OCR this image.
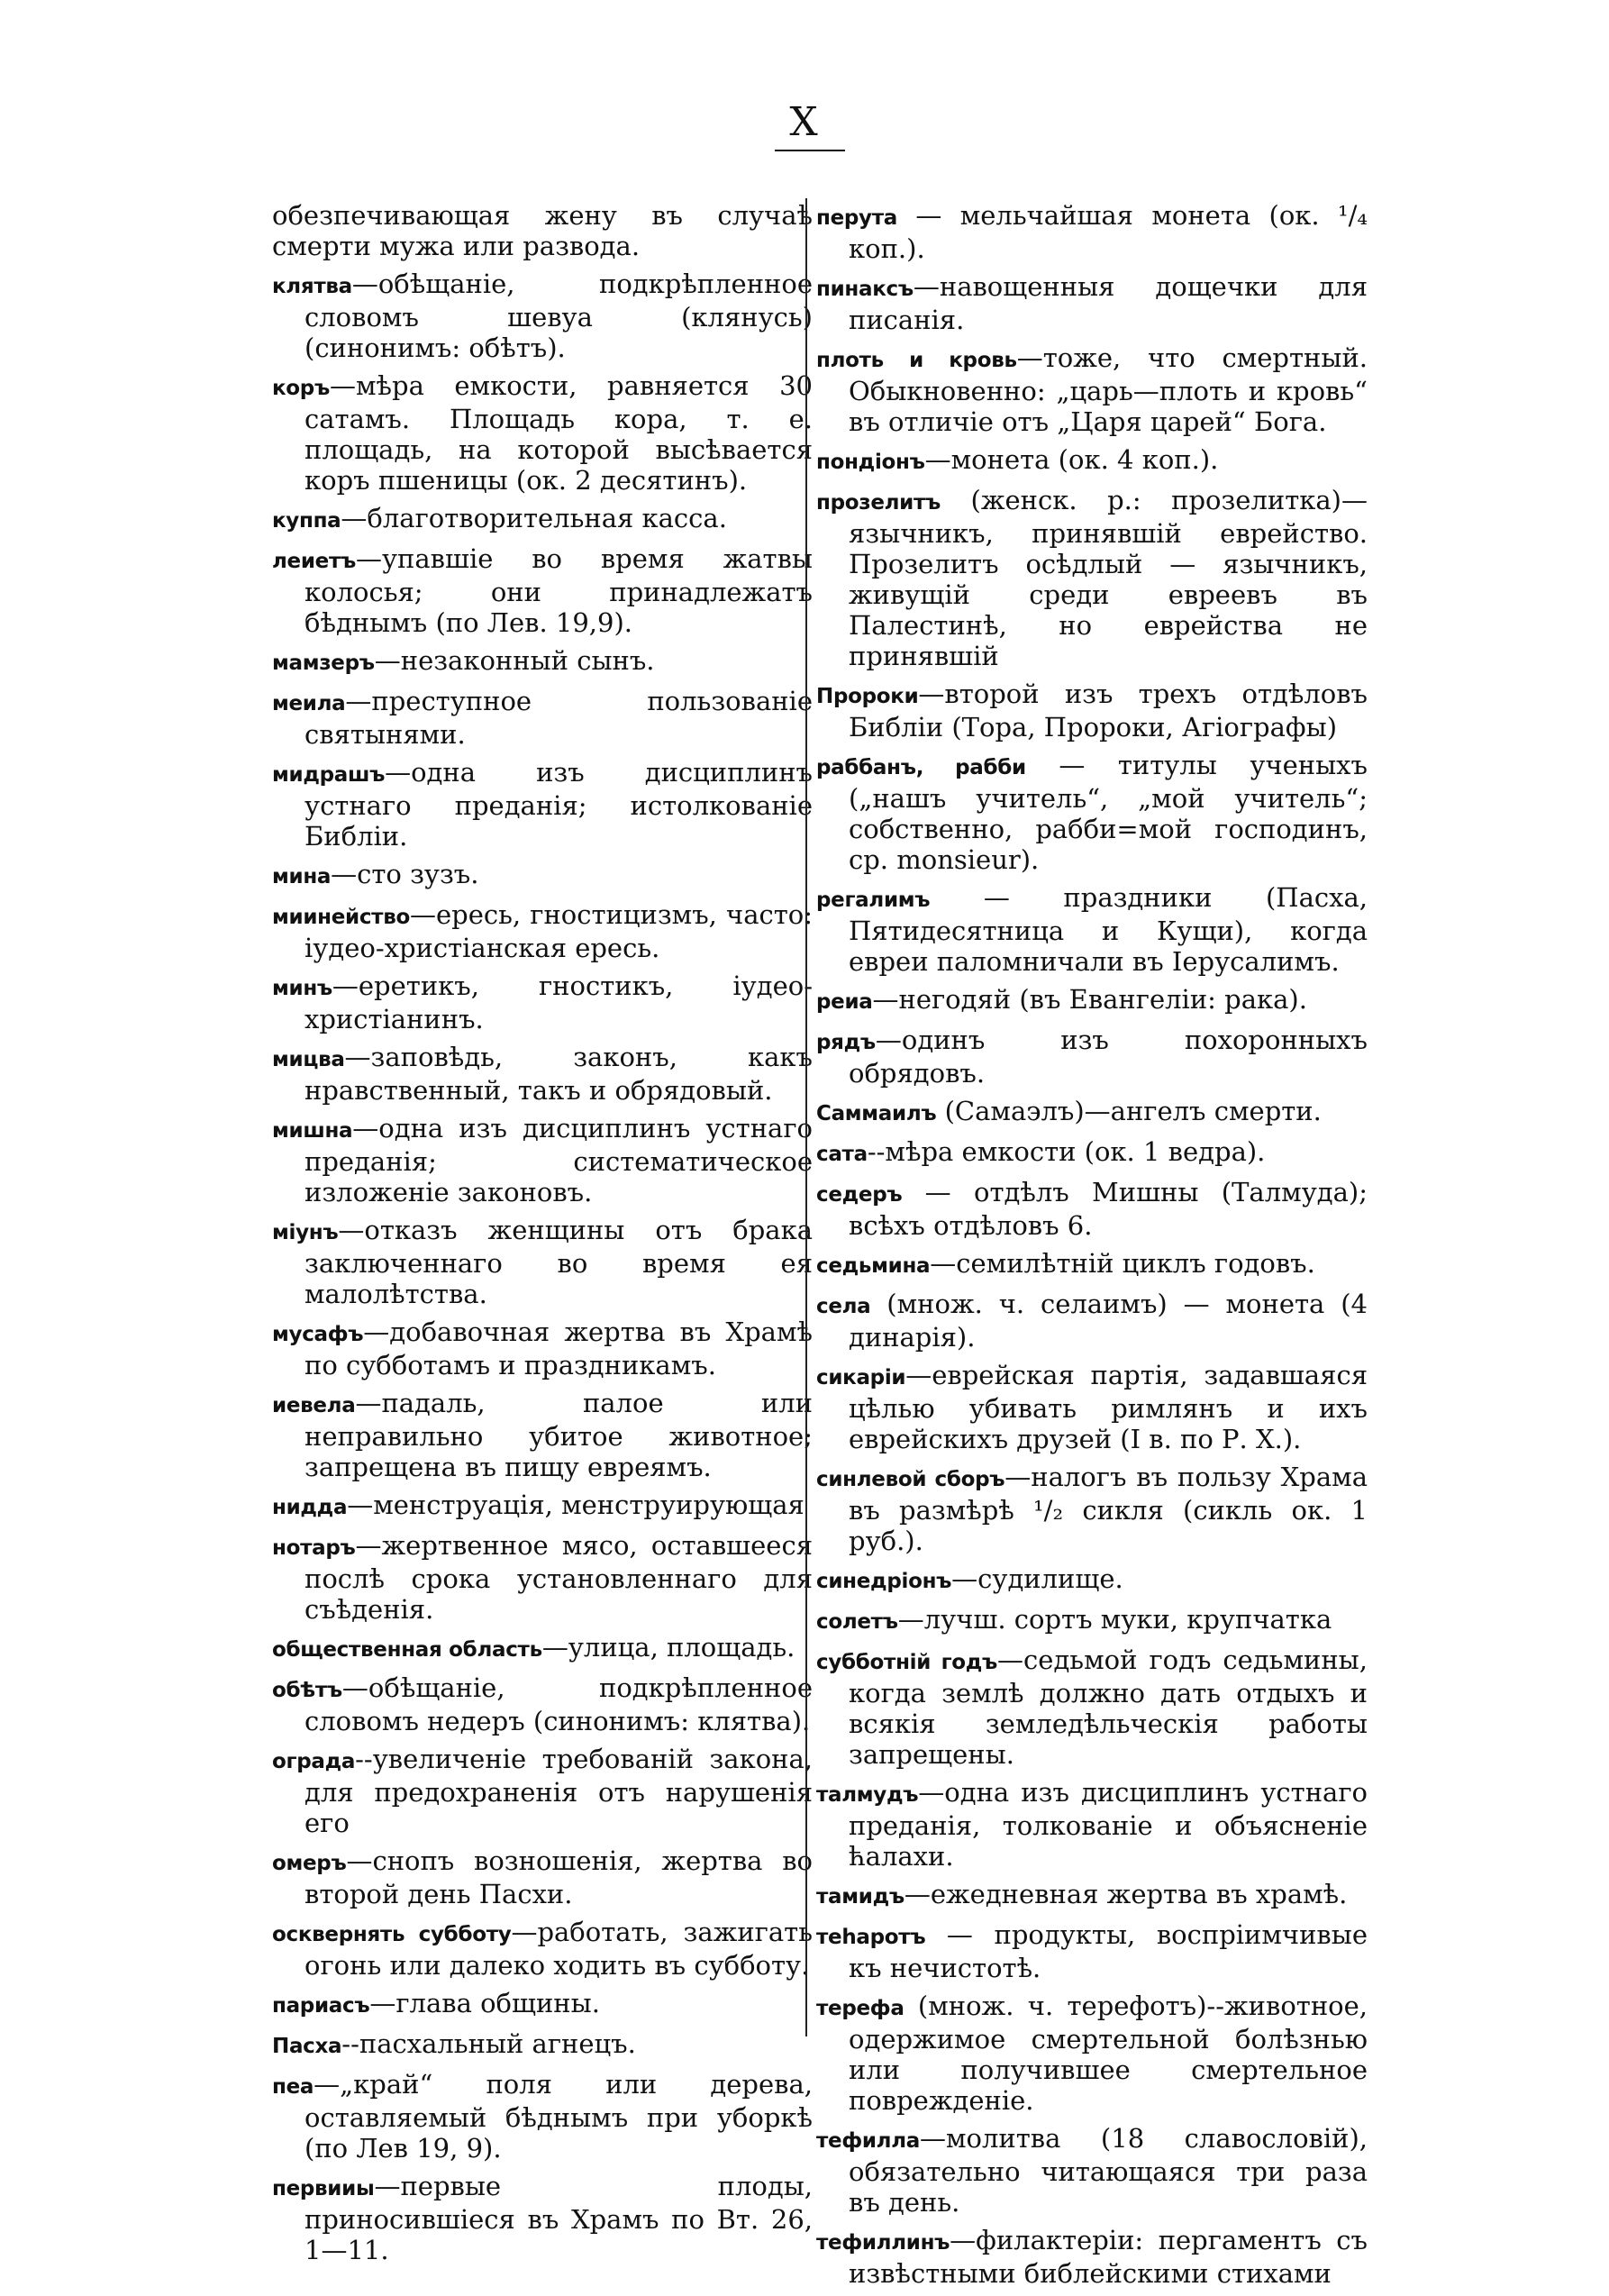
X
обезпечивающая жену въ случаѣ смерти мужа или развода.
клятва—обѣщаніе, подкрѣпленное словомъ шевуа (клянусь) (синонимъ: обѣтъ).
коръ—мѣра емкости, равняется 30 сатамъ. Площадь кора, т. е. площадь, на которой высѣвается коръ пшеницы (ок. 2 десятинъ).
куппа—благотворительная касса.
леиетъ—упавшіе во время жатвы колосья; они принадлежатъ бѣднымъ (по Лев. 19,9).
мамзеръ—незаконный сынъ.
меила—преступное пользованіе святынями.
мидрашъ—одна изъ дисциплинъ устнаго преданія; истолкованіе Библіи.
мина—сто зузъ.
миинейство—ересь, гностицизмъ, часто: іудео-христіанская ересь.
минъ—еретикъ, гностикъ, іудео-христіанинъ.
мицва—заповѣдь, законъ, какъ нравственный, такъ и обрядовый.
мишна—одна изъ дисциплинъ устнаго преданія; систематическое изложеніе законовъ.
міунъ—отказъ женщины отъ брака заключеннаго во время ея малолѣтства.
мусафъ—добавочная жертва въ Храмѣ по субботамъ и праздникамъ.
иевела—падаль, палое или неправильно убитое животное; запрещена въ пищу евреямъ.
нидда—менструація, менструирующая
нотаръ—жертвенное мясо, оставшееся послѣ срока установленнаго для съѣденія.
общественная область—улица, площадь.
обѣтъ—обѣщаніе, подкрѣпленное словомъ недеръ (синонимъ: клятва).
ограда--увеличеніе требованій закона, для предохраненія отъ нарушенія его
омеръ—снопъ возношенія, жертва во второй день Пасхи.
осквернять субботу—работать, зажигать огонь или далеко ходить въ субботу.
париасъ—глава общины.
Пасха--пасхальный агнецъ.
пеа—„край“ поля или дерева, оставляемый бѣднымъ при уборкѣ (по Лев 19, 9).
первииы—первые плоды, приносившіеся въ Храмъ по Вт. 26, 1—11.
перута — мельчайшая монета (ок. ¹/₄ коп.).
пинаксъ—навощенныя дощечки для писанія.
плоть и кровь—тоже, что смертный. Обыкновенно: „царь—плоть и кровь“ въ отличіе отъ „Царя царей“ Бога.
пондіонъ—монета (ок. 4 коп.).
прозелитъ (женск. р.: прозелитка)—язычникъ, принявшій еврейство. Прозелитъ осѣдлый — язычникъ, живущій среди евреевъ въ Палестинѣ, но еврейства не принявшій
Пророки—второй изъ трехъ отдѣловъ Библіи (Тора, Пророки, Агіографы)
раббанъ, рабби — титулы ученыхъ („нашъ учитель“, „мой учитель“; собственно, рабби=мой господинъ, ср. monsieur).
регалимъ — праздники (Пасха, Пятидесятница и Кущи), когда евреи паломничали въ Іерусалимъ.
реиа—негодяй (въ Евангеліи: рака).
рядъ—одинъ изъ похоронныхъ обрядовъ.
Саммаилъ (Самаэлъ)—ангелъ смерти.
сата--мѣра емкости (ок. 1 ведра).
седеръ — отдѣлъ Мишны (Талмуда); всѣхъ отдѣловъ 6.
седьмина—семилѣтній циклъ годовъ.
села (множ. ч. селаимъ) — монета (4 динарія).
сикаріи—еврейская партія, задавшаяся цѣлью убивать римлянъ и ихъ еврейскихъ друзей (I в. по Р. Х.).
синлевой сборъ—налогъ въ пользу Храма въ размѣрѣ ¹/₂ сикля (сикль ок. 1 руб.).
синедріонъ—судилище.
солетъ—лучш. сортъ муки, крупчатка
субботній годъ—седьмой годъ седьмины, когда землѣ должно дать отдыхъ и всякія земледѣльческія работы запрещены.
талмудъ—одна изъ дисциплинъ устнаго преданія, толкованіе и объясненіе ћалахи.
тамидъ—ежедневная жертва въ храмѣ.
теһаротъ — продукты, воспріимчивые къ нечистотѣ.
терефа (множ. ч. терефотъ)--животное, одержимое смертельной болѣзнью или получившее смертельное поврежденіе.
тефилла—молитва (18 славословій), обязательно читающаяся три раза въ день.
тефиллинъ—филактеріи: пергаментъ съ извѣстными библейскими стихами
